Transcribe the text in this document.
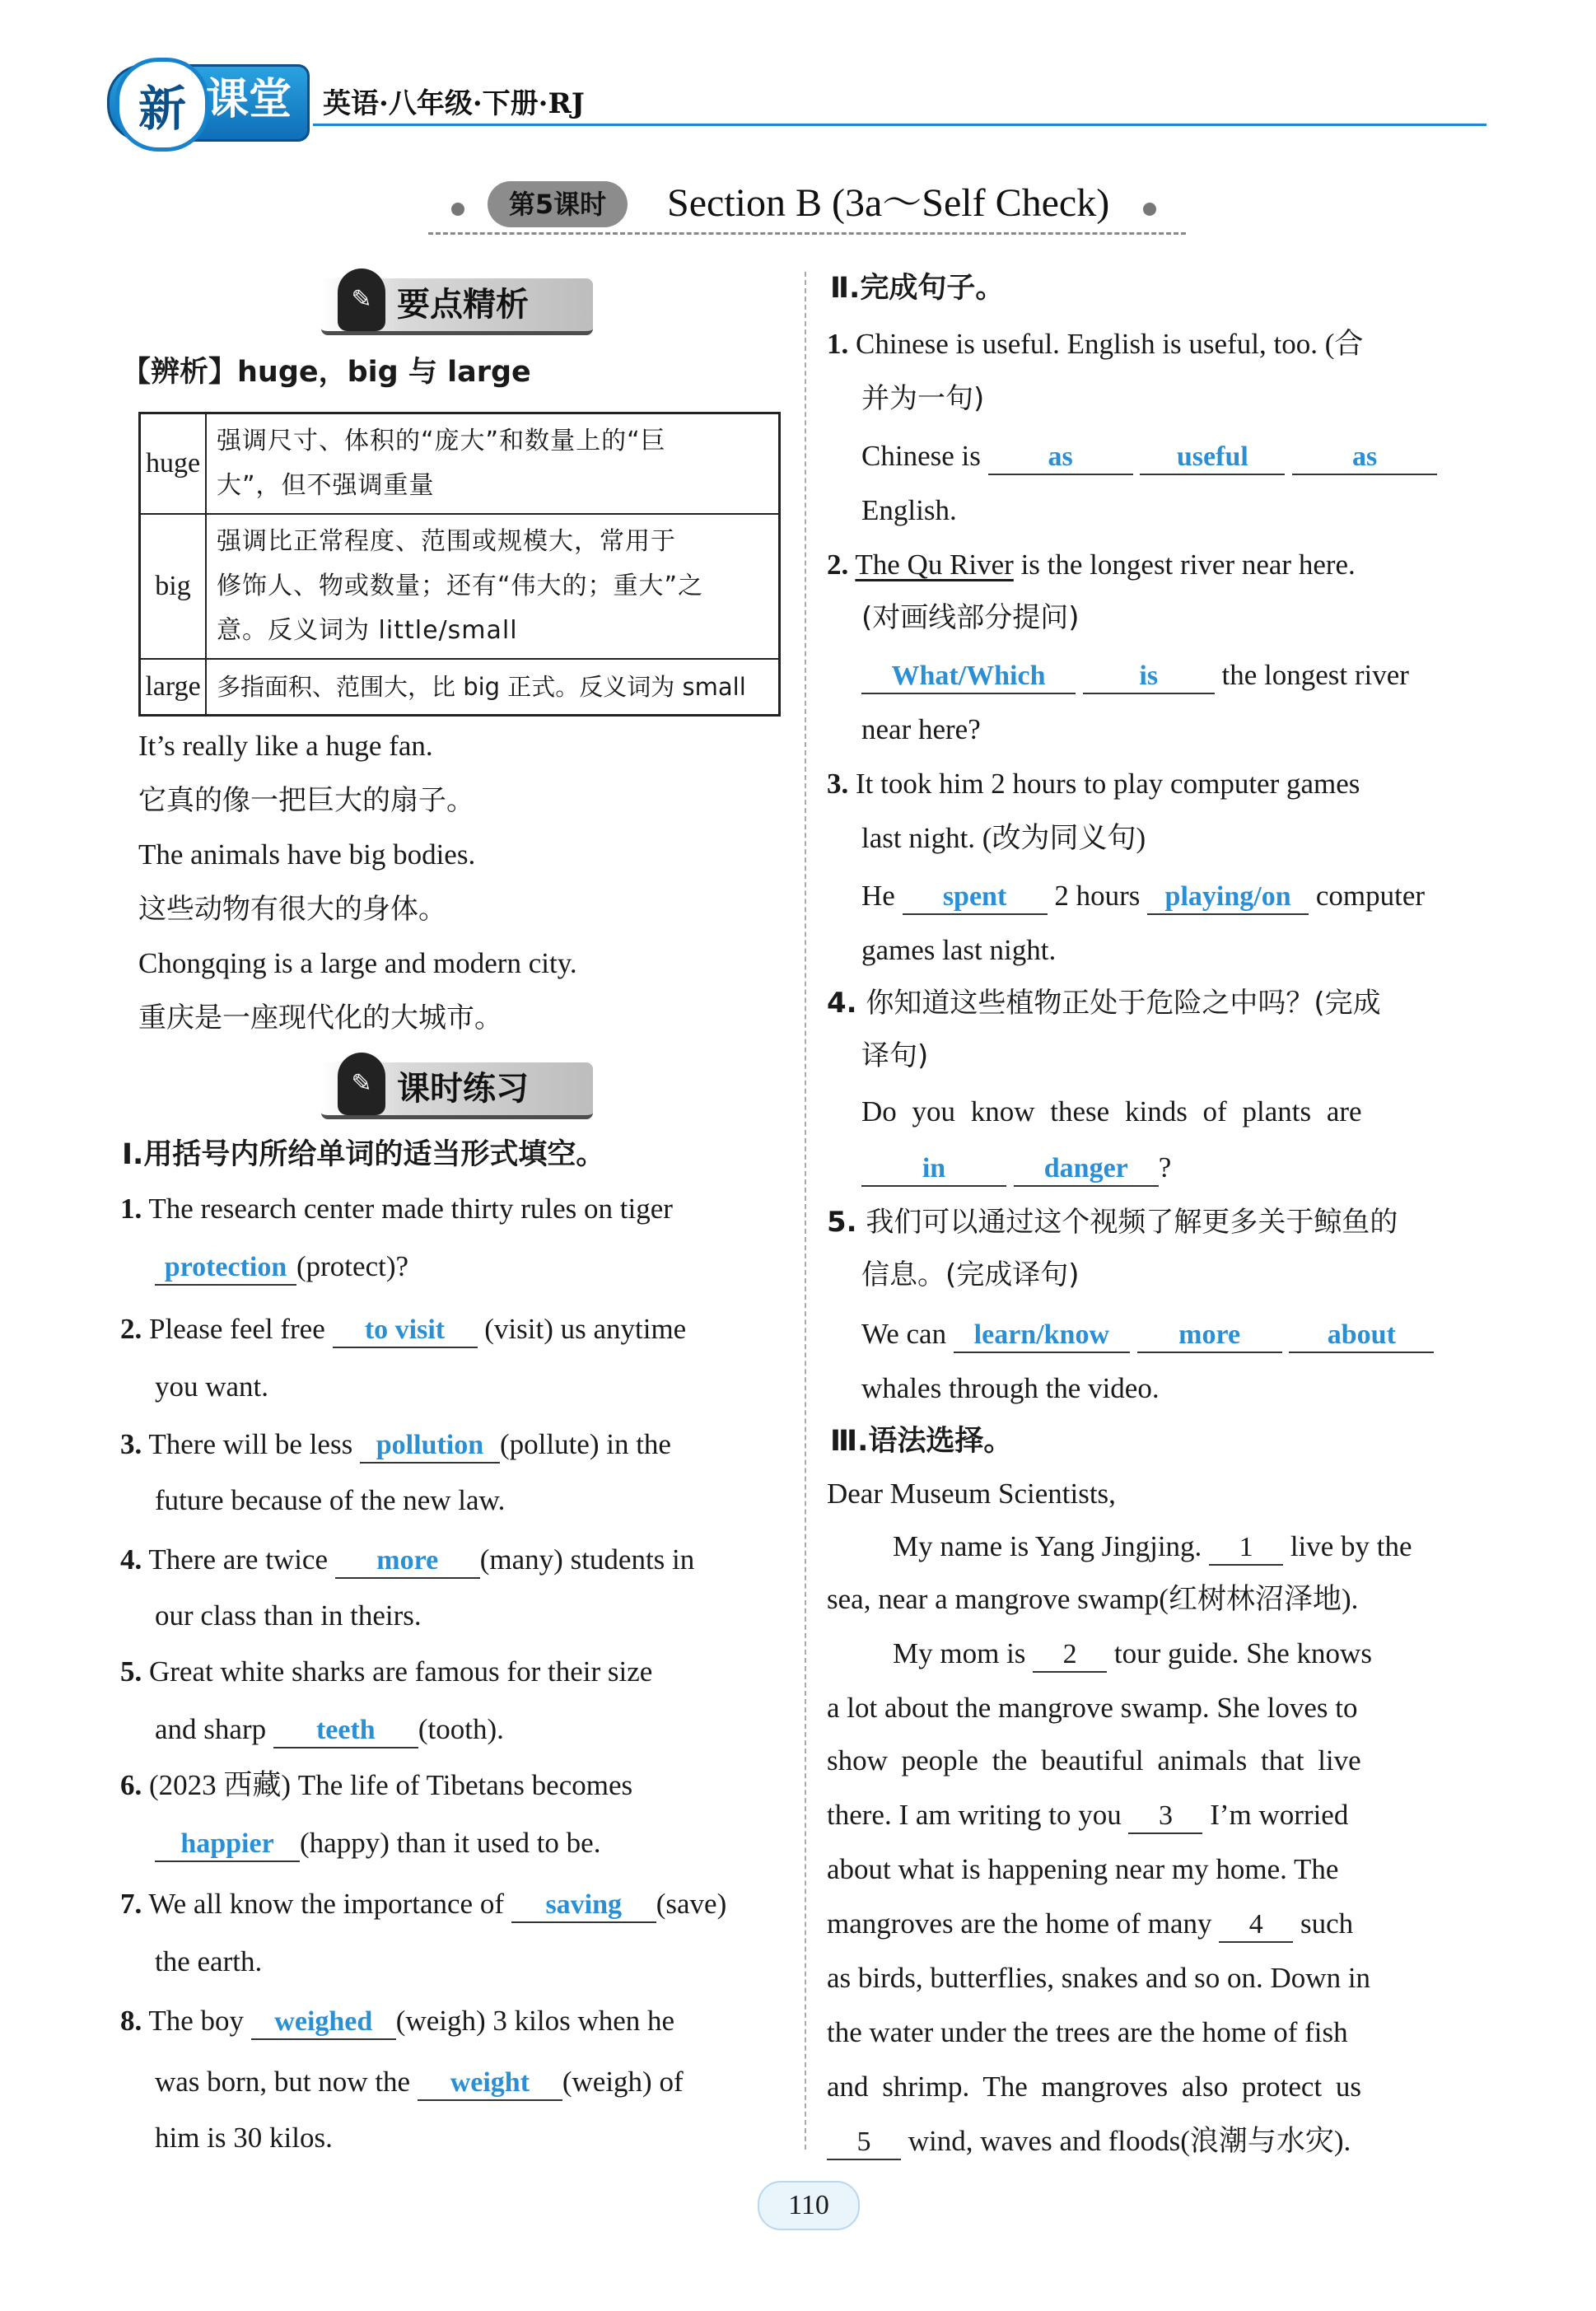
新 课堂	英语·八年级·下册·RJ
第5课时	Section B (3a～Self Check)
✎ 要点精析
【辨析】huge，big 与 large
huge	强调尺寸、体积的“庞大”和数量上的“巨
大”，但不强调重量

big	强调比正常程度、范围或规模大，常用于
修饰人、物或数量；还有“伟大的；重大”之
意。反义词为 little/small

large	多指面积、范围大，比 big 正式。反义词为 small
It’s really like a huge fan.
它真的像一把巨大的扇子。
The animals have big bodies.
这些动物有很大的身体。
Chongqing is a large and modern city.
重庆是一座现代化的大城市。
✎ 课时练习
Ⅰ.用括号内所给单词的适当形式填空。
1. The research center made thirty rules on tiger
protection (protect)?
2. Please feel free to visit (visit) us anytime
you want.
3. There will be less pollution (pollute) in the
future because of the new law.
4. There are twice more (many) students in
our class than in theirs.
5. Great white sharks are famous for their size
and sharp teeth (tooth).
6. (2023 西藏) The life of Tibetans becomes
happier (happy) than it used to be.
7. We all know the importance of saving (save)
the earth.
8. The boy weighed (weigh) 3 kilos when he
was born, but now the weight (weigh) of
him is 30 kilos.
Ⅱ.完成句子。
1. Chinese is useful. English is useful, too. (合
并为一句)
Chinese is as	useful	as
English.
2. The Qu River is the longest river near here.
(对画线部分提问)
What/Which	is the longest river
near here?
3. It took him 2 hours to play computer games
last night. (改为同义句)
He spent 2 hours playing/on computer
games last night.
4. 你知道这些植物正处于危险之中吗？(完成
译句)
Do you know these kinds of plants are
in	danger ?
5. 我们可以通过这个视频了解更多关于鲸鱼的
信息。(完成译句)
We can learn/know more	about
whales through the video.
Ⅲ.语法选择。
Dear Museum Scientists,
My name is Yang Jingjing. 1 live by the
sea, near a mangrove swamp(红树林沼泽地).
My mom is 2 tour guide. She knows
a lot about the mangrove swamp. She loves to
show people the beautiful animals that live
there. I am writing to you 3 I’m worried
about what is happening near my home. The
mangroves are the home of many 4 such
as birds, butterflies, snakes and so on. Down in
the water under the trees are the home of fish
and shrimp. The mangroves also protect us
5 wind, waves and floods(浪潮与水灾).
110
